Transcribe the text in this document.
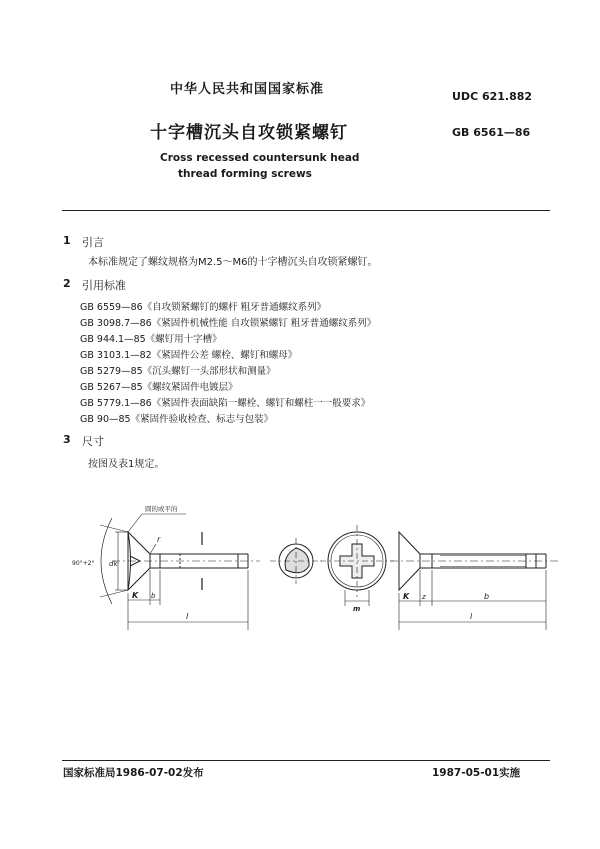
中华人民共和国国家标准	UDC 621.882
十字槽沉头自攻锁紧螺钉	GB 6561—86
Cross recessed countersunk head
thread forming screws
1 引言
本标准规定了螺纹规格为M2.5～M6的十字槽沉头自攻锁紧螺钉。
2 引用标准
GB 6559—86《自攻锁紧螺钉的螺杆 粗牙普通螺纹系列》
GB 3098.7—86《紧固件机械性能 自攻锁紧螺钉 粗牙普通螺纹系列》
GB 944.1—85《螺钉用十字槽》
GB 3103.1—82《紧固件公差 螺栓、螺钉和螺母》
GB 5279—85《沉头螺钉一头部形状和测量》
GB 5267—85《螺纹紧固件电镀层》
GB 5779.1—86《紧固件表面缺陷一螺栓、螺钉和螺柱一一般要求》
GB 90—85《紧固件验收检查、标志与包装》
3 尺寸
按图及表1规定。
圆的或平的
90°+2°
r
dk
K b
l
m
K z	b
l
国家标准局1986-07-02发布	1987-05-01实施
